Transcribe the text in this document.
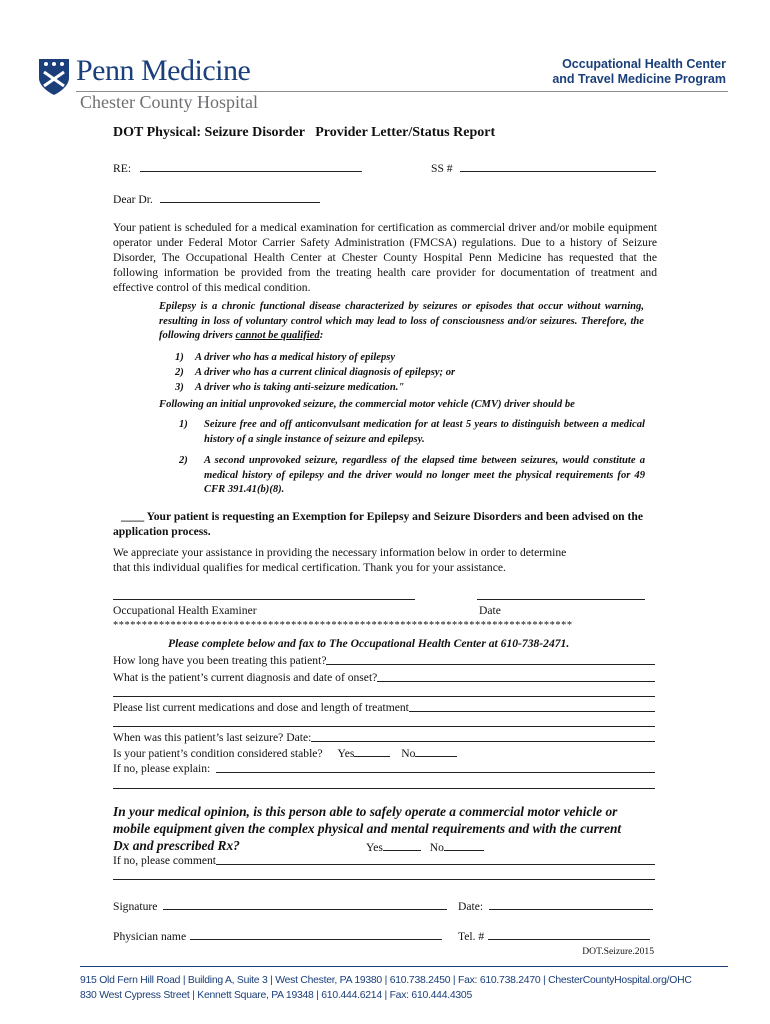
Penn Medicine
Chester County Hospital
Occupational Health Center
and Travel Medicine Program
DOT Physical: Seizure Disorder   Provider Letter/Status Report
RE:	SS #
Dear Dr.
Your patient is scheduled for a medical examination for certification as commercial driver and/or mobile equipment operator under Federal Motor Carrier Safety Administration (FMCSA) regulations. Due to a history of Seizure Disorder, The Occupational Health Center at Chester County Hospital Penn Medicine has requested that the following information be provided from the treating health care provider for documentation of treatment and effective control of this medical condition.
Epilepsy is a chronic functional disease characterized by seizures or episodes that occur without warning, resulting in loss of voluntary control which may lead to loss of consciousness and/or seizures. Therefore, the following drivers cannot be qualified:
1) A driver who has a medical history of epilepsy
2) A driver who has a current clinical diagnosis of epilepsy; or
3) A driver who is taking anti-seizure medication."
Following an initial unprovoked seizure, the commercial motor vehicle (CMV) driver should be
1) Seizure free and off anticonvulsant medication for at least 5 years to distinguish between a medical history of a single instance of seizure and epilepsy.
2) A second unprovoked seizure, regardless of the elapsed time between seizures, would constitute a medical history of epilepsy and the driver would no longer meet the physical requirements for 49 CFR 391.41(b)(8).
____ Your patient is requesting an Exemption for Epilepsy and Seizure Disorders and been advised on the application process.
We appreciate your assistance in providing the necessary information below in order to determine
that this individual qualifies for medical certification. Thank you for your assistance.
Occupational Health Examiner	Date
********************************************************************************
Please complete below and fax to The Occupational Health Center at 610-738-2471.
How long have you been treating this patient?
What is the patient’s current diagnosis and date of onset?
Please list current medications and dose and length of treatment
When was this patient’s last seizure? Date:
Is your patient’s condition considered stable? Yes	No
If no, please explain:
In your medical opinion, is this person able to safely operate a commercial motor vehicle or
mobile equipment given the complex physical and mental requirements and with the current
Dx and prescribed Rx?	Yes	No
If no, please comment
Signature	Date:
Physician name	Tel. #
DOT.Seizure.2015
915 Old Fern Hill Road | Building A, Suite 3 | West Chester, PA 19380 | 610.738.2450 | Fax: 610.738.2470 | ChesterCountyHospital.org/OHC
830 West Cypress Street | Kennett Square, PA 19348 | 610.444.6214 | Fax: 610.444.4305
